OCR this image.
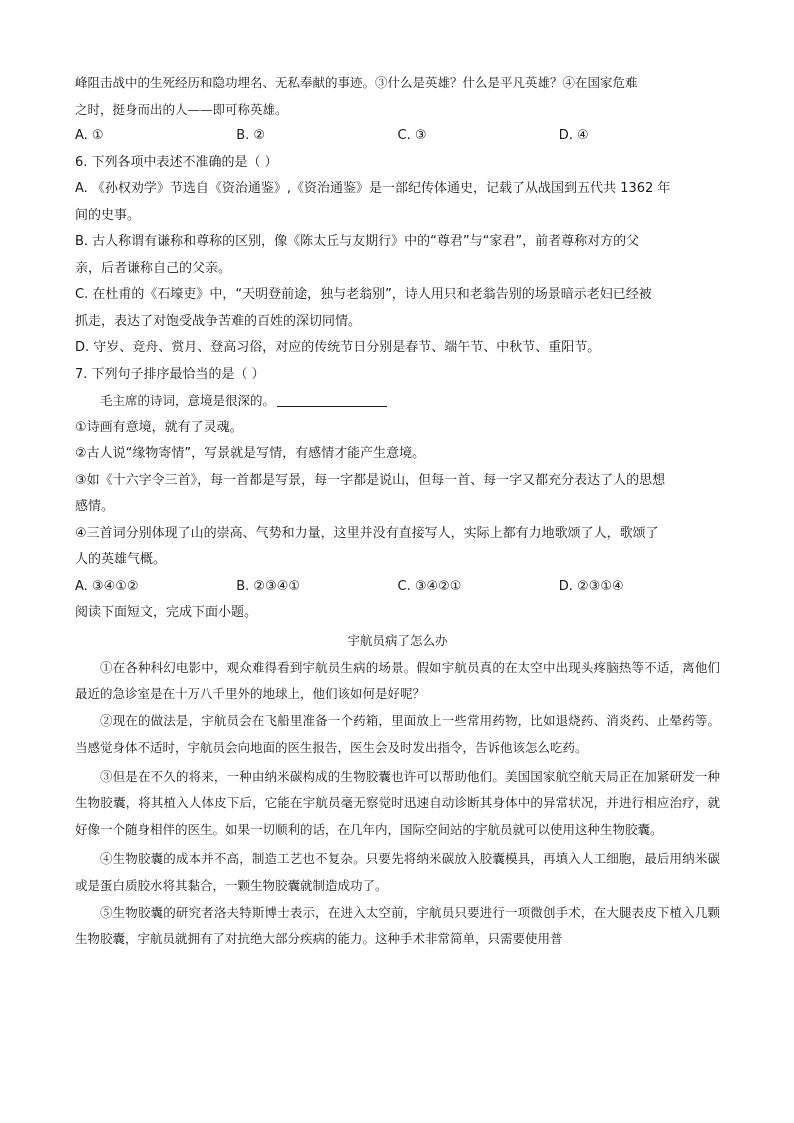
峰阻击战中的生死经历和隐功埋名、无私奉献的事迹。③什么是英雄？什么是平凡英雄？④在国家危难
之时，挺身而出的人——即可称英雄。
A. ①	B. ②	C. ③	D. ④
6. 下列各项中表述不准确的是（ ）
A. 《孙权劝学》节选自《资治通鉴》,《资治通鉴》是一部纪传体通史，记载了从战国到五代共 1362 年
间的史事。
B. 古人称谓有谦称和尊称的区别，像《陈太丘与友期行》中的“尊君”与“家君”，前者尊称对方的父
亲，后者谦称自己的父亲。
C. 在杜甫的《石壕吏》中，“天明登前途，独与老翁别”，诗人用只和老翁告别的场景暗示老妇已经被
抓走，表达了对饱受战争苦难的百姓的深切同情。
D. 守岁、竞舟、赏月、登高习俗，对应的传统节日分别是春节、端午节、中秋节、重阳节。
7. 下列句子排序最恰当的是（ ）
毛主席的诗词，意境是很深的。
①诗画有意境，就有了灵魂。
②古人说“缘物寄情”，写景就是写情，有感情才能产生意境。
③如《十六字令三首》，每一首都是写景，每一字都是说山，但每一首、每一字又都充分表达了人的思想
感情。
④三首词分别体现了山的崇高、气势和力量，这里并没有直接写人，实际上都有力地歌颂了人，歌颂了
人的英雄气概。
A. ③④①②	B. ②③④①	C. ③④②①	D. ②③①④
阅读下面短文，完成下面小题。
宇航员病了怎么办

①在各种科幻电影中，观众难得看到宇航员生病的场景。假如宇航员真的在太空中出现头疼脑热等不适，离他们最近的急诊室是在十万八千里外的地球上，他们该如何是好呢？

②现在的做法是，宇航员会在飞船里准备一个药箱，里面放上一些常用药物，比如退烧药、消炎药、止晕药等。当感觉身体不适时，宇航员会向地面的医生报告，医生会及时发出指令，告诉他该怎么吃药。

③但是在不久的将来，一种由纳米碳构成的生物胶囊也许可以帮助他们。美国国家航空航天局正在加紧研发一种生物胶囊，将其植入人体皮下后，它能在宇航员毫无察觉时迅速自动诊断其身体中的异常状况，并进行相应治疗，就好像一个随身相伴的医生。如果一切顺利的话，在几年内，国际空间站的宇航员就可以使用这种生物胶囊。

④生物胶囊的成本并不高，制造工艺也不复杂。只要先将纳米碳放入胶囊模具，再填入人工细胞，最后用纳米碳或是蛋白质胶水将其黏合，一颗生物胶囊就制造成功了。

⑤生物胶囊的研究者洛夫特斯博士表示，在进入太空前，宇航员只要进行一项微创手术，在大腿表皮下植入几颗生物胶囊，宇航员就拥有了对抗绝大部分疾病的能力。这种手术非常简单，只需要使用普
